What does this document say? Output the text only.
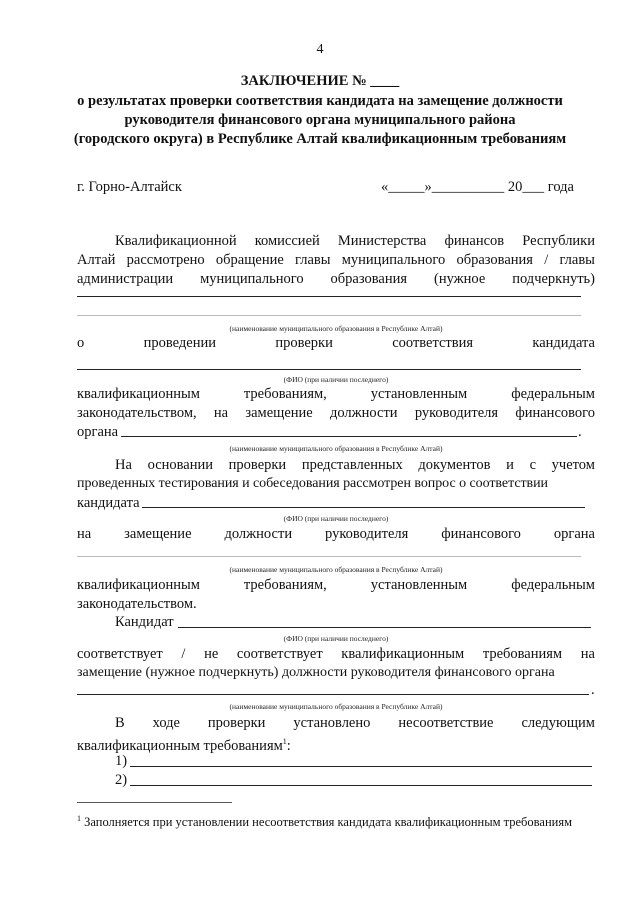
4
ЗАКЛЮЧЕНИЕ № ____
о результатах проверки соответствия кандидата на замещение должности
руководителя финансового органа муниципального района
(городского округа) в Республике Алтай квалификационным требованиям
г. Горно-Алтайск	«_____»__________ 20___ года
Квалификационной комиссией Министерства финансов Республики
Алтай рассмотрено обращение главы муниципального образования / главы
администрации муниципального образования (нужное подчеркнуть)
(наименование муниципального образования в Республике Алтай)
о	проведении	проверки	соответствия	кандидата
(ФИО (при наличии последнего)
квалификационным	требованиям,	установленным	федеральным
законодательством, на замещение должности руководителя финансового
органа	.
(наименование муниципального образования в Республике Алтай)
На основании проверки представленных документов и с учетом
проведенных тестирования и собеседования рассмотрен вопрос о соответствии
кандидата
(ФИО (при наличии последнего)
на замещение должности руководителя финансового органа
(наименование муниципального образования в Республике Алтай)
квалификационным	требованиям,	установленным	федеральным
законодательством.
Кандидат
(ФИО (при наличии последнего)
соответствует / не соответствует квалификационным требованиям на
замещение (нужное подчеркнуть) должности руководителя финансового органа
.
(наименование муниципального образования в Республике Алтай)
В ходе проверки установлено несоответствие следующим
квалификационным требованиям$^1$:
1)
2)
$^1$ Заполняется при установлении несоответствия кандидата квалификационным требованиям
